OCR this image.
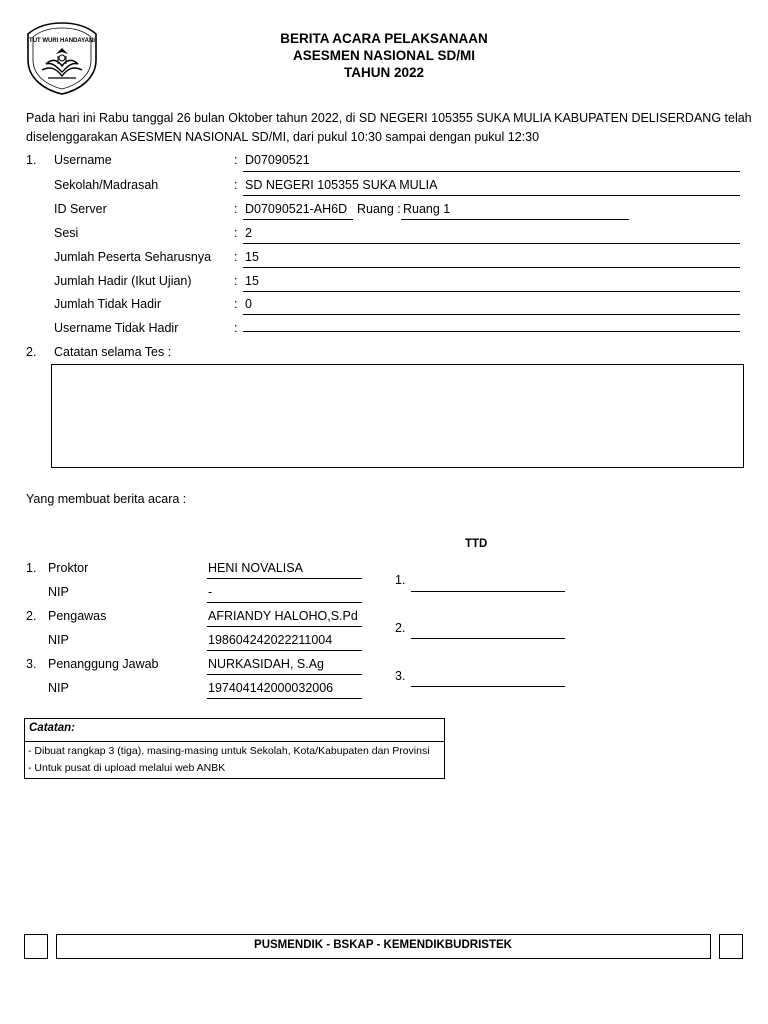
TUT WURI HANDAYANI	BERITA ACARA PELAKSANAAN
ASESMEN NASIONAL SD/MI
TAHUN 2022
Pada hari ini Rabu tanggal 26 bulan Oktober tahun 2022, di SD NEGERI 105355 SUKA MULIA KABUPATEN DELISERDANG telah
diselenggarakan ASESMEN NASIONAL SD/MI, dari pukul 10:30 sampai dengan pukul 12:30
1. Username	: D07090521
Sekolah/Madrasah	: SD NEGERI 105355 SUKA MULIA
ID Server	: D07090521-AH6D Ruang : Ruang 1
Sesi	: 2
Jumlah Peserta Seharusnya : 15
Jumlah Hadir (Ikut Ujian)	: 15
Jumlah Tidak Hadir	: 0
Username Tidak Hadir	:
2. Catatan selama Tes :
Yang membuat berita acara :
TTD
1. Proktor	HENI NOVALISA
NIP	-
1.
2. Pengawas	AFRIANDY HALOHO,S.Pd
NIP	198604242022211004
2.
3. Penanggung Jawab	NURKASIDAH, S.Ag
NIP	197404142000032006
3.
Catatan:
- Dibuat rangkap 3 (tiga), masing-masing untuk Sekolah, Kota/Kabupaten dan Provinsi
- Untuk pusat di upload melalui web ANBK
PUSMENDIK - BSKAP - KEMENDIKBUDRISTEK
